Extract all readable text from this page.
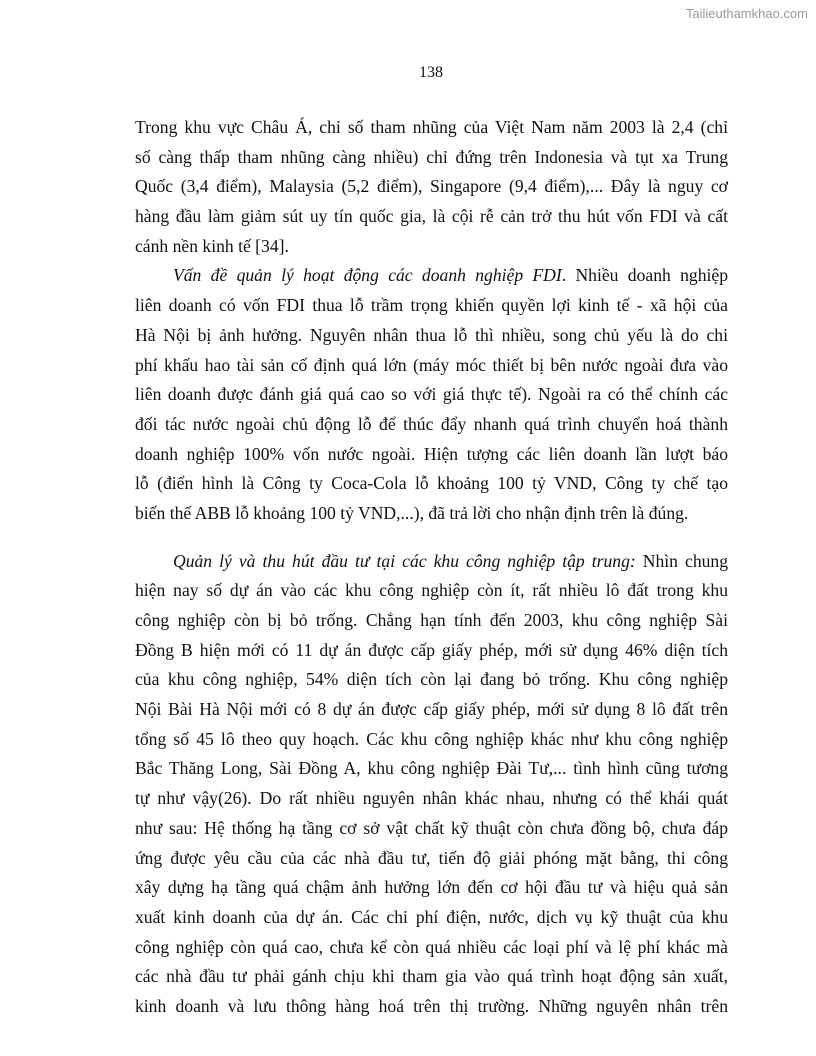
Tailieuthamkhao.com
138
Trong khu vực Châu Á, chỉ số tham nhũng của Việt Nam năm 2003 là 2,4 (chỉ
số càng thấp tham nhũng càng nhiều) chỉ đứng trên Indonesia và tụt xa Trung
Quốc (3,4 điểm), Malaysia (5,2 điểm), Singapore (9,4 điểm),... Đây là nguy cơ
hàng đầu làm giảm sút uy tín quốc gia, là cội rễ cản trở thu hút vốn FDI và cất
cánh nền kinh tế [34].
Vấn đề quản lý hoạt động các doanh nghiệp FDI. Nhiều doanh nghiệp
liên doanh có vốn FDI thua lỗ trầm trọng khiến quyền lợi kinh tế - xã hội của
Hà Nội bị ảnh hưởng. Nguyên nhân thua lỗ thì nhiều, song chủ yếu là do chi
phí khấu hao tài sản cố định quá lớn (máy móc thiết bị bên nước ngoài đưa vào
liên doanh được đánh giá quá cao so với giá thực tế). Ngoài ra có thể chính các
đối tác nước ngoài chủ động lỗ để thúc đẩy nhanh quá trình chuyển hoá thành
doanh nghiệp 100% vốn nước ngoài. Hiện tượng các liên doanh lần lượt báo
lỗ (điển hình là Công ty Coca-Cola lỗ khoảng 100 tỷ VND, Công ty chế tạo
biến thế ABB lỗ khoảng 100 tỷ VND,...), đã trả lời cho nhận định trên là đúng.
Quản lý và thu hút đầu tư tại các khu công nghiệp tập trung: Nhìn chung
hiện nay số dự án vào các khu công nghiệp còn ít, rất nhiều lô đất trong khu
công nghiệp còn bị bỏ trống. Chẳng hạn tính đến 2003, khu công nghiệp Sài
Đồng B hiện mới có 11 dự án được cấp giấy phép, mới sử dụng 46% diện tích
của khu công nghiệp, 54% diện tích còn lại đang bỏ trống. Khu công nghiệp
Nội Bài Hà Nội mới có 8 dự án được cấp giấy phép, mới sử dụng 8 lô đất trên
tổng số 45 lô theo quy hoạch. Các khu công nghiệp khác như khu công nghiệp
Bắc Thăng Long, Sài Đồng A, khu công nghiệp Đài Tư,... tình hình cũng tương
tự như vậy(26). Do rất nhiều nguyên nhân khác nhau, nhưng có thể khái quát
như sau: Hệ thống hạ tầng cơ sở vật chất kỹ thuật còn chưa đồng bộ, chưa đáp
ứng được yêu cầu của các nhà đầu tư, tiến độ giải phóng mặt bằng, thi công
xây dựng hạ tầng quá chậm ảnh hưởng lớn đến cơ hội đầu tư và hiệu quả sản
xuất kinh doanh của dự án. Các chi phí điện, nước, dịch vụ kỹ thuật của khu
công nghiệp còn quá cao, chưa kể còn quá nhiều các loại phí và lệ phí khác mà
các nhà đầu tư phải gánh chịu khi tham gia vào quá trình hoạt động sản xuất,
kinh doanh và lưu thông hàng hoá trên thị trường. Những nguyên nhân trên
